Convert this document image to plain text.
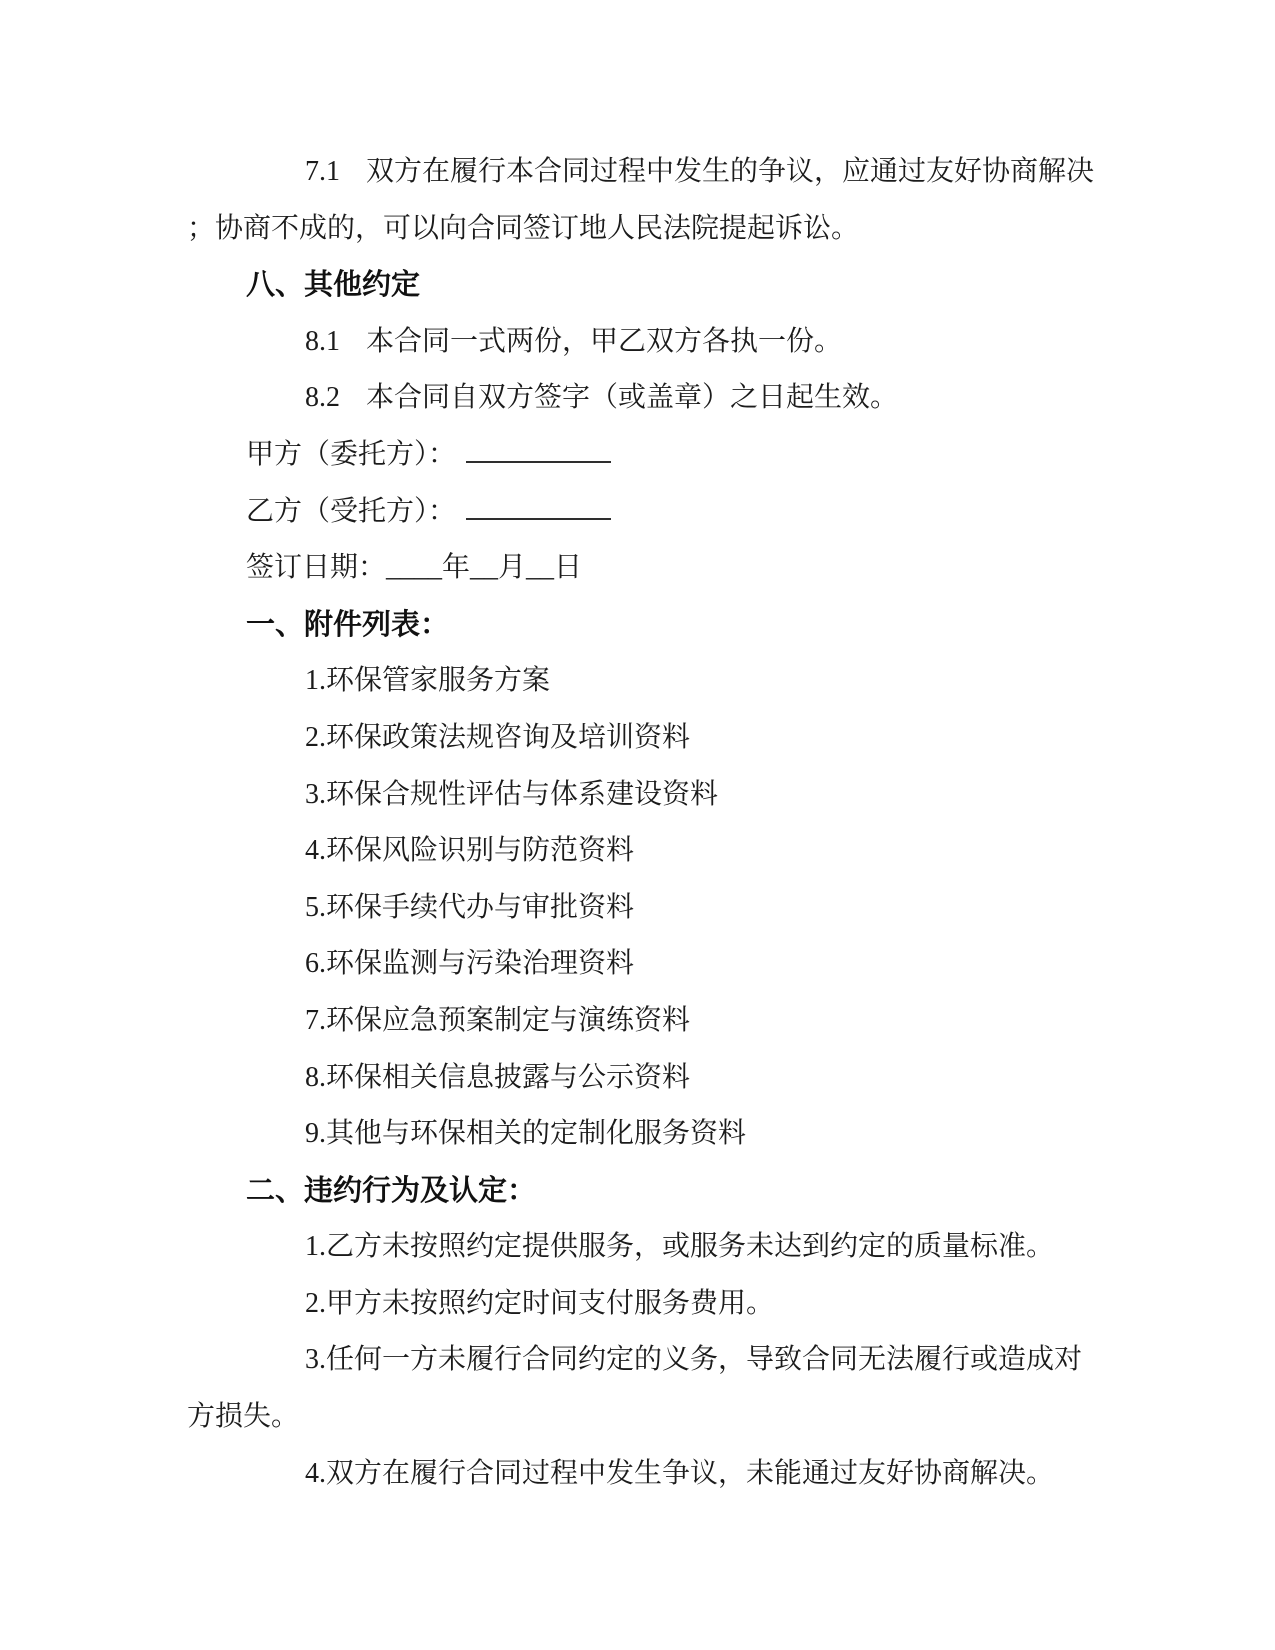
7.1 双方在履行本合同过程中发生的争议，应通过友好协商解决
；协商不成的，可以向合同签订地人民法院提起诉讼。
八、其他约定
8.1 本合同一式两份，甲乙双方各执一份。
8.2 本合同自双方签字（或盖章）之日起生效。
甲方（委托方）：
乙方（受托方）：
签订日期：____年__月__日
一、附件列表：
1.环保管家服务方案
2.环保政策法规咨询及培训资料
3.环保合规性评估与体系建设资料
4.环保风险识别与防范资料
5.环保手续代办与审批资料
6.环保监测与污染治理资料
7.环保应急预案制定与演练资料
8.环保相关信息披露与公示资料
9.其他与环保相关的定制化服务资料
二、违约行为及认定：
1.乙方未按照约定提供服务，或服务未达到约定的质量标准。
2.甲方未按照约定时间支付服务费用。
3.任何一方未履行合同约定的义务，导致合同无法履行或造成对
方损失。
4.双方在履行合同过程中发生争议，未能通过友好协商解决。
